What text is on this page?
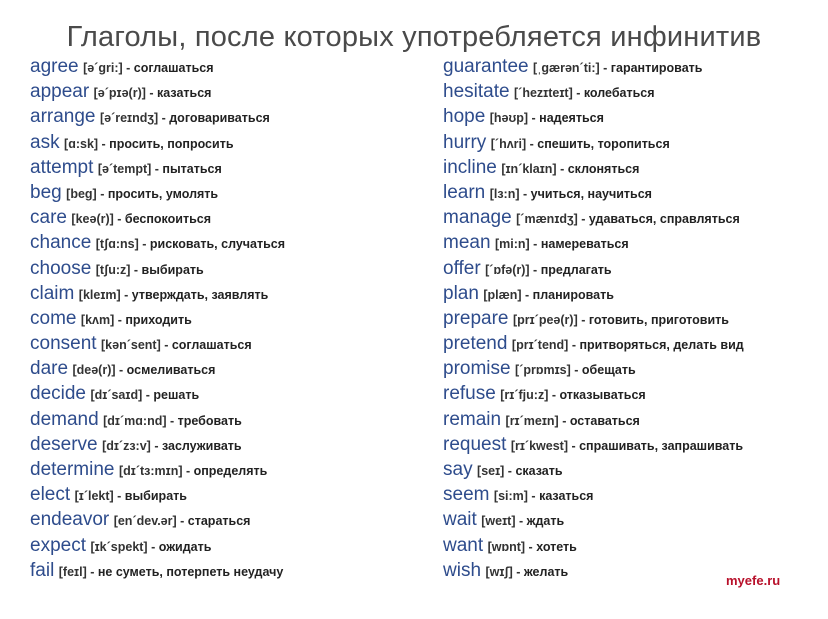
Глаголы, после которых употребляется инфинитив
agree [ə´gri:] - соглашаться
appear [ə´pɪə(r)] - казаться
arrange [ə´reɪndʒ] - договариваться
ask [ɑ:sk] - просить, попросить
attempt [ə´tempt] - пытаться
beg [beg] - просить, умолять
care [keə(r)] - беспокоиться
chance [tʃɑ:ns] - рисковать, случаться
choose [tʃu:z] - выбирать
claim [kleɪm] - утверждать, заявлять
come [kʌm] - приходить
consent [kən´sent] - соглашаться
dare [deə(r)] - осмеливаться
decide [dɪ´saɪd] - решать
demand [dɪ´mɑ:nd] - требовать
deserve [dɪ´zɜ:v] - заслуживать
determine [dɪ´tɜ:mɪn] - определять
elect [ɪ´lekt] - выбирать
endeavor [en´dev.ər] - стараться
expect [ɪk´spekt] - ожидать
fail [feɪl] - не суметь, потерпеть неудачу
guarantee [ˌgærən´ti:] - гарантировать
hesitate [´hezɪteɪt] - колебаться
hope [həʊp] - надеяться
hurry [´hʌri] - спешить, торопиться
incline [ɪn´klaɪn] - склоняться
learn [lɜ:n] - учиться, научиться
manage [´mænɪdʒ] - удаваться, справляться
mean [mi:n] - намереваться
offer [´ɒfə(r)] - предлагать
plan [plæn] - планировать
prepare [prɪ´peə(r)] - готовить, приготовить
pretend [prɪ´tend] - притворяться, делать вид
promise [´prɒmɪs] - обещать
refuse [rɪ´fju:z] - отказываться
remain [rɪ´meɪn] - оставаться
request [rɪ´kwest] - спрашивать, запрашивать
say [seɪ] - сказать
seem [si:m] - казаться
wait [weɪt] - ждать
want [wɒnt] - хотеть
wish [wɪʃ] - желать
myefe.ru
